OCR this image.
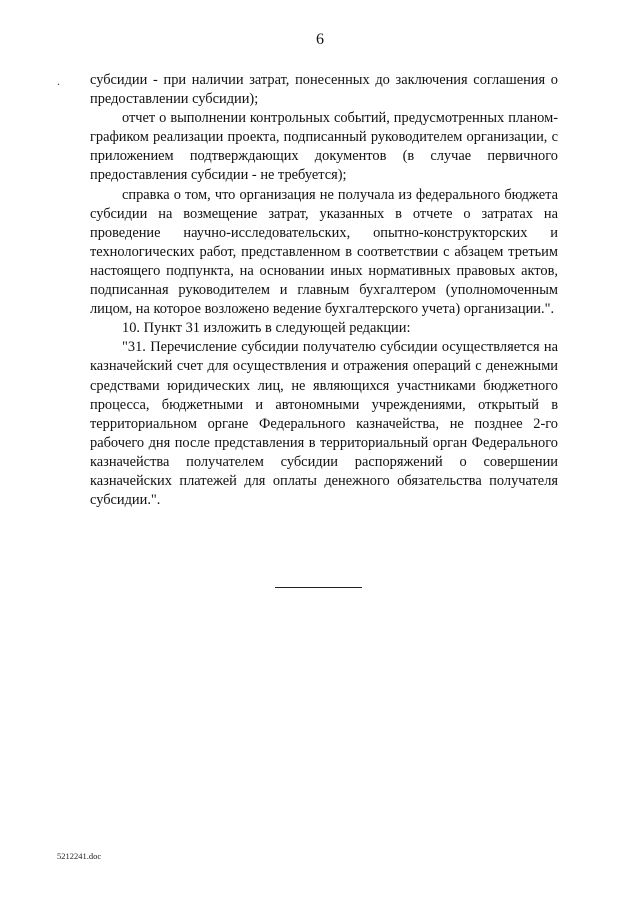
6
. субсидии - при наличии затрат, понесенных до заключения соглашения о предоставлении субсидии);

отчет о выполнении контрольных событий, предусмотренных планом-графиком реализации проекта, подписанный руководителем организации, с приложением подтверждающих документов (в случае первичного предоставления субсидии - не требуется);

справка о том, что организация не получала из федерального бюджета субсидии на возмещение затрат, указанных в отчете о затратах на проведение научно-исследовательских, опытно-конструкторских и технологических работ, представленном в соответствии с абзацем третьим настоящего подпункта, на основании иных нормативных правовых актов, подписанная руководителем и главным бухгалтером (уполномоченным лицом, на которое возложено ведение бухгалтерского учета) организации.".

10. Пункт 31 изложить в следующей редакции:

"31. Перечисление субсидии получателю субсидии осуществляется на казначейский счет для осуществления и отражения операций с денежными средствами юридических лиц, не являющихся участниками бюджетного процесса, бюджетными и автономными учреждениями, открытый в территориальном органе Федерального казначейства, не позднее 2-го рабочего дня после представления в территориальный орган Федерального казначейства получателем субсидии распоряжений о совершении казначейских платежей для оплаты денежного обязательства получателя субсидии.".

5212241.doc
